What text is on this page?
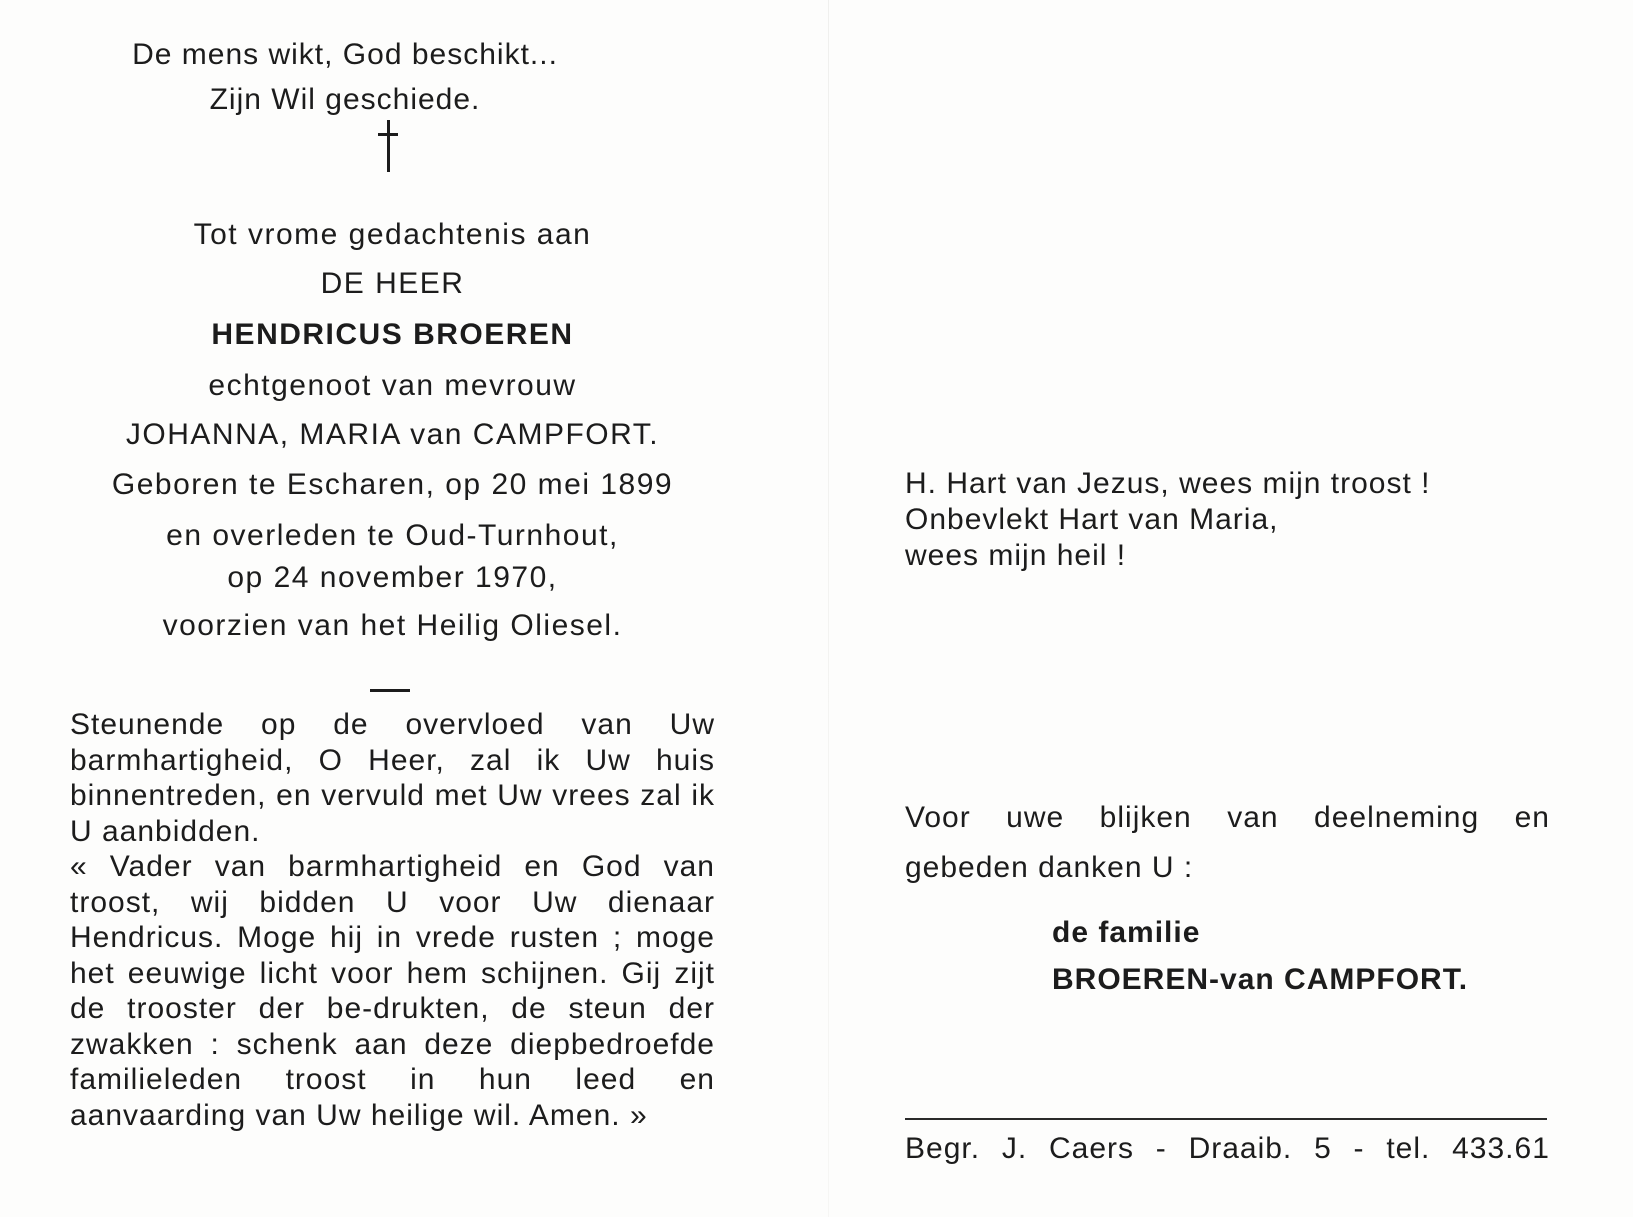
De mens wikt, God beschikt...
Zijn Wil geschiede.
Tot vrome gedachtenis aan
DE HEER
HENDRICUS BROEREN
echtgenoot van mevrouw
JOHANNA, MARIA van CAMPFORT.
Geboren te Escharen, op 20 mei 1899
en overleden te Oud-Turnhout,
op 24 november 1970,
voorzien van het Heilig Oliesel.

Steunende op de overvloed van Uw barmhartigheid, O Heer, zal ik Uw huis binnentreden, en vervuld met Uw vrees zal ik U aanbidden.

« Vader van barmhartigheid en God van troost, wij bidden U voor Uw dienaar Hendricus. Moge hij in vrede rusten ; moge het eeuwige licht voor hem schijnen. Gij zijt de trooster der be-drukten, de steun der zwakken : schenk aan deze diepbedroefde familieleden troost in hun leed en aanvaarding van Uw heilige wil. Amen. »

H. Hart van Jezus, wees mijn troost !

Onbevlekt Hart van Maria,

wees mijn heil !

Voor uwe blijken van deelneming en
gebeden danken U :

de familie

BROEREN-van CAMPFORT.

Begr. J. Caers - Draaib. 5 - tel. 433.61
